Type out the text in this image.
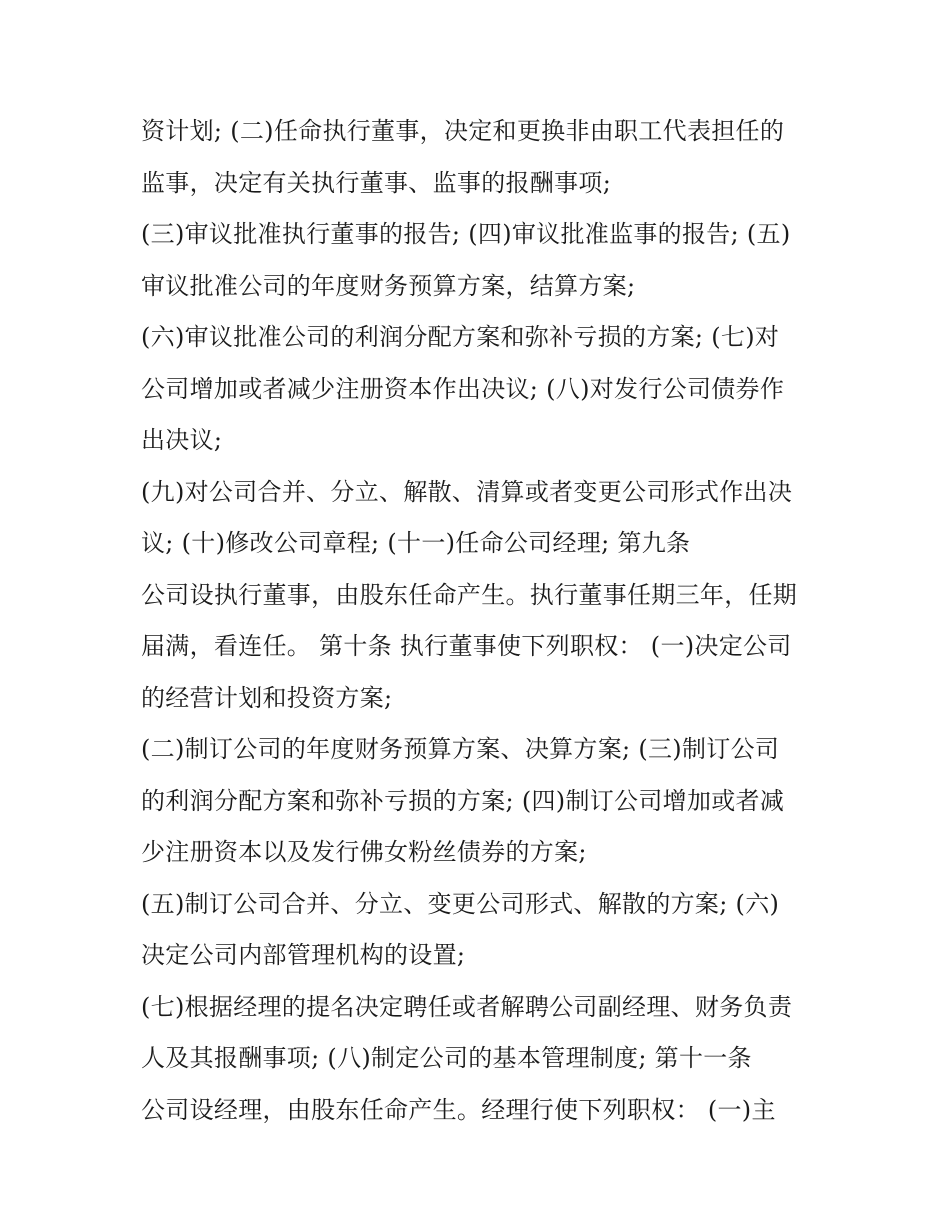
资计划; (二)任命执行董事，决定和更换非由职工代表担任的
监事，决定有关执行董事、监事的报酬事项;
(三)审议批准执行董事的报告; (四)审议批准监事的报告; (五)
审议批准公司的年度财务预算方案，结算方案;
(六)审议批准公司的利润分配方案和弥补亏损的方案; (七)对
公司增加或者减少注册资本作出决议; (八)对发行公司债券作
出决议;
(九)对公司合并、分立、解散、清算或者变更公司形式作出决
议; (十)修改公司章程; (十一)任命公司经理; 第九条
公司设执行董事，由股东任命产生。执行董事任期三年，任期
届满，看连任。 第十条 执行董事使下列职权： (一)决定公司
的经营计划和投资方案;
(二)制订公司的年度财务预算方案、决算方案; (三)制订公司
的利润分配方案和弥补亏损的方案; (四)制订公司增加或者减
少注册资本以及发行佛女粉丝债券的方案;
(五)制订公司合并、分立、变更公司形式、解散的方案; (六)
决定公司内部管理机构的设置;
(七)根据经理的提名决定聘任或者解聘公司副经理、财务负责
人及其报酬事项; (八)制定公司的基本管理制度; 第十一条
公司设经理，由股东任命产生。经理行使下列职权： (一)主
